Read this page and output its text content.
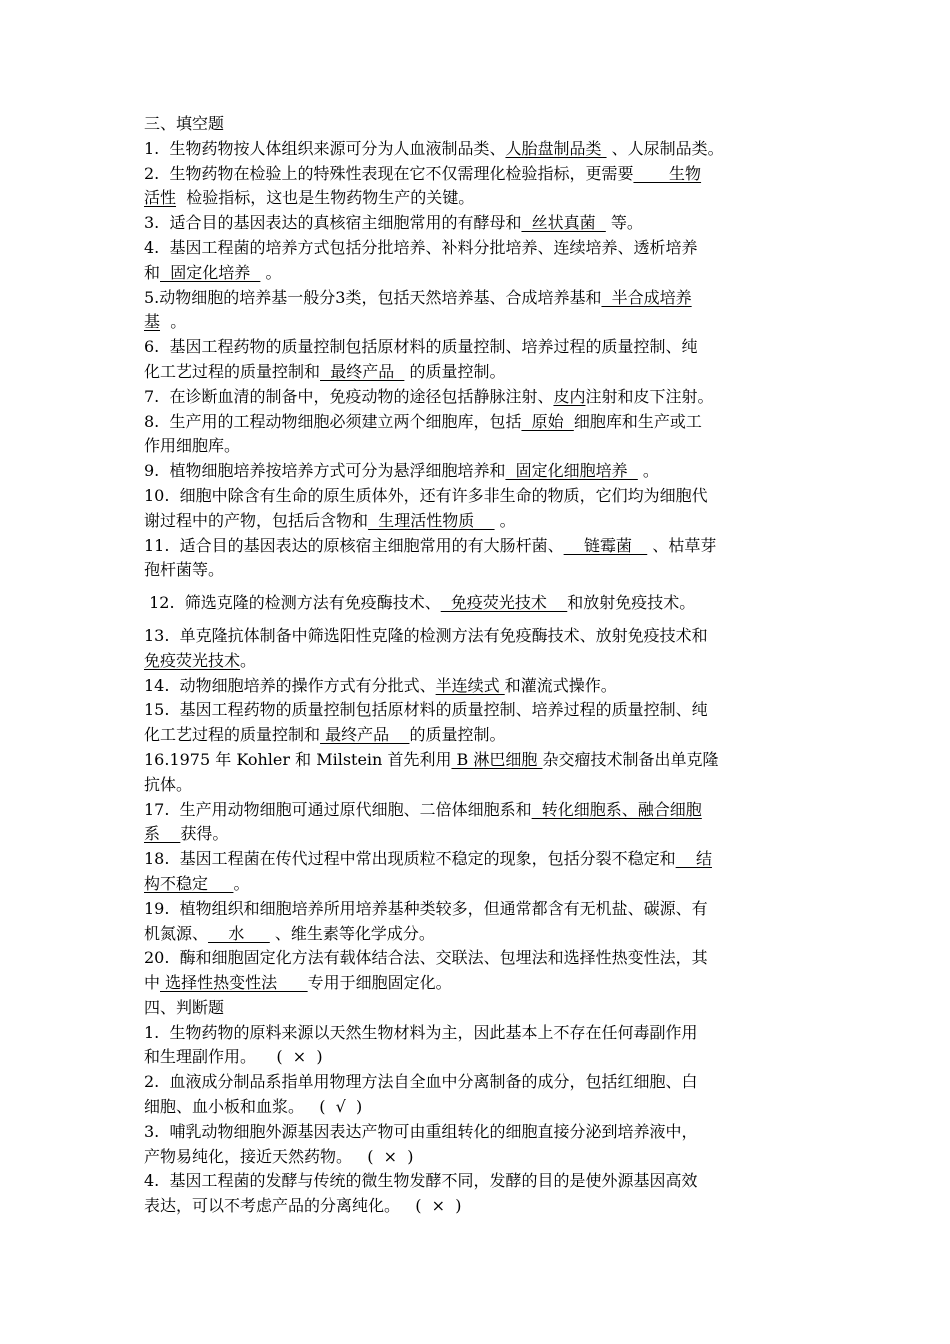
三、填空题
1.  生物药物按人体组织来源可分为人血液制品类、人胎盘制品类  、人尿制品类。
2.  生物药物在检验上的特殊性表现在它不仅需理化检验指标，更需要       生物
活性  检验指标，这也是生物药物生产的关键。
3.  适合目的基因表达的真核宿主细胞常用的有酵母和  丝状真菌   等。
4.  基因工程菌的培养方式包括分批培养、补料分批培养、连续培养、透析培养
和  固定化培养   。
5.动物细胞的培养基一般分3类，包括天然培养基、合成培养基和  半合成培养
基  。
6.  基因工程药物的质量控制包括原材料的质量控制、培养过程的质量控制、纯
化工艺过程的质量控制和  最终产品   的质量控制。
7.  在诊断血清的制备中，免疫动物的途径包括静脉注射、皮内注射和皮下注射。
8.  生产用的工程动物细胞必须建立两个细胞库，包括  原始  细胞库和生产或工
作用细胞库。
9.  植物细胞培养按培养方式可分为悬浮细胞培养和  固定化细胞培养   。
10.  细胞中除含有生命的原生质体外，还有许多非生命的物质，它们均为细胞代
谢过程中的产物，包括后含物和  生理活性物质     。
11.  适合目的基因表达的原核宿主细胞常用的有大肠杆菌、    链霉菌    、枯草芽
孢杆菌等。
12.  筛选克隆的检测方法有免疫酶技术、  免疫荧光技术    和放射免疫技术。
13.  单克隆抗体制备中筛选阳性克隆的检测方法有免疫酶技术、放射免疫技术和
免疫荧光技术。
14.  动物细胞培养的操作方式有分批式、半连续式 和灌流式操作。
15.  基因工程药物的质量控制包括原材料的质量控制、培养过程的质量控制、纯
化工艺过程的质量控制和 最终产品    的质量控制。
16.1975 年 Kohler 和 Milstein 首先利用 B 淋巴细胞 杂交瘤技术制备出单克隆
抗体。
17.  生产用动物细胞可通过原代细胞、二倍体细胞系和  转化细胞系、融合细胞
系    获得。
18.  基因工程菌在传代过程中常出现质粒不稳定的现象，包括分裂不稳定和    结
构不稳定     。
19.  植物组织和细胞培养所用培养基种类较多，但通常都含有无机盐、碳源、有
机氮源、    水      、维生素等化学成分。
20.  酶和细胞固定化方法有载体结合法、交联法、包埋法和选择性热变性法，其
中 选择性热变性法      专用于细胞固定化。
四、判断题
1.  生物药物的原料来源以天然生物材料为主，因此基本上不存在任何毒副作用
和生理副作用。    (  ×  )
2.  血液成分制品系指单用物理方法自全血中分离制备的成分，包括红细胞、白
细胞、血小板和血浆。   (  √  )
3.  哺乳动物细胞外源基因表达产物可由重组转化的细胞直接分泌到培养液中，
产物易纯化，接近天然药物。   (  ×  )
4.  基因工程菌的发酵与传统的微生物发酵不同，发酵的目的是使外源基因高效
表达，可以不考虑产品的分离纯化。   (  ×  )
